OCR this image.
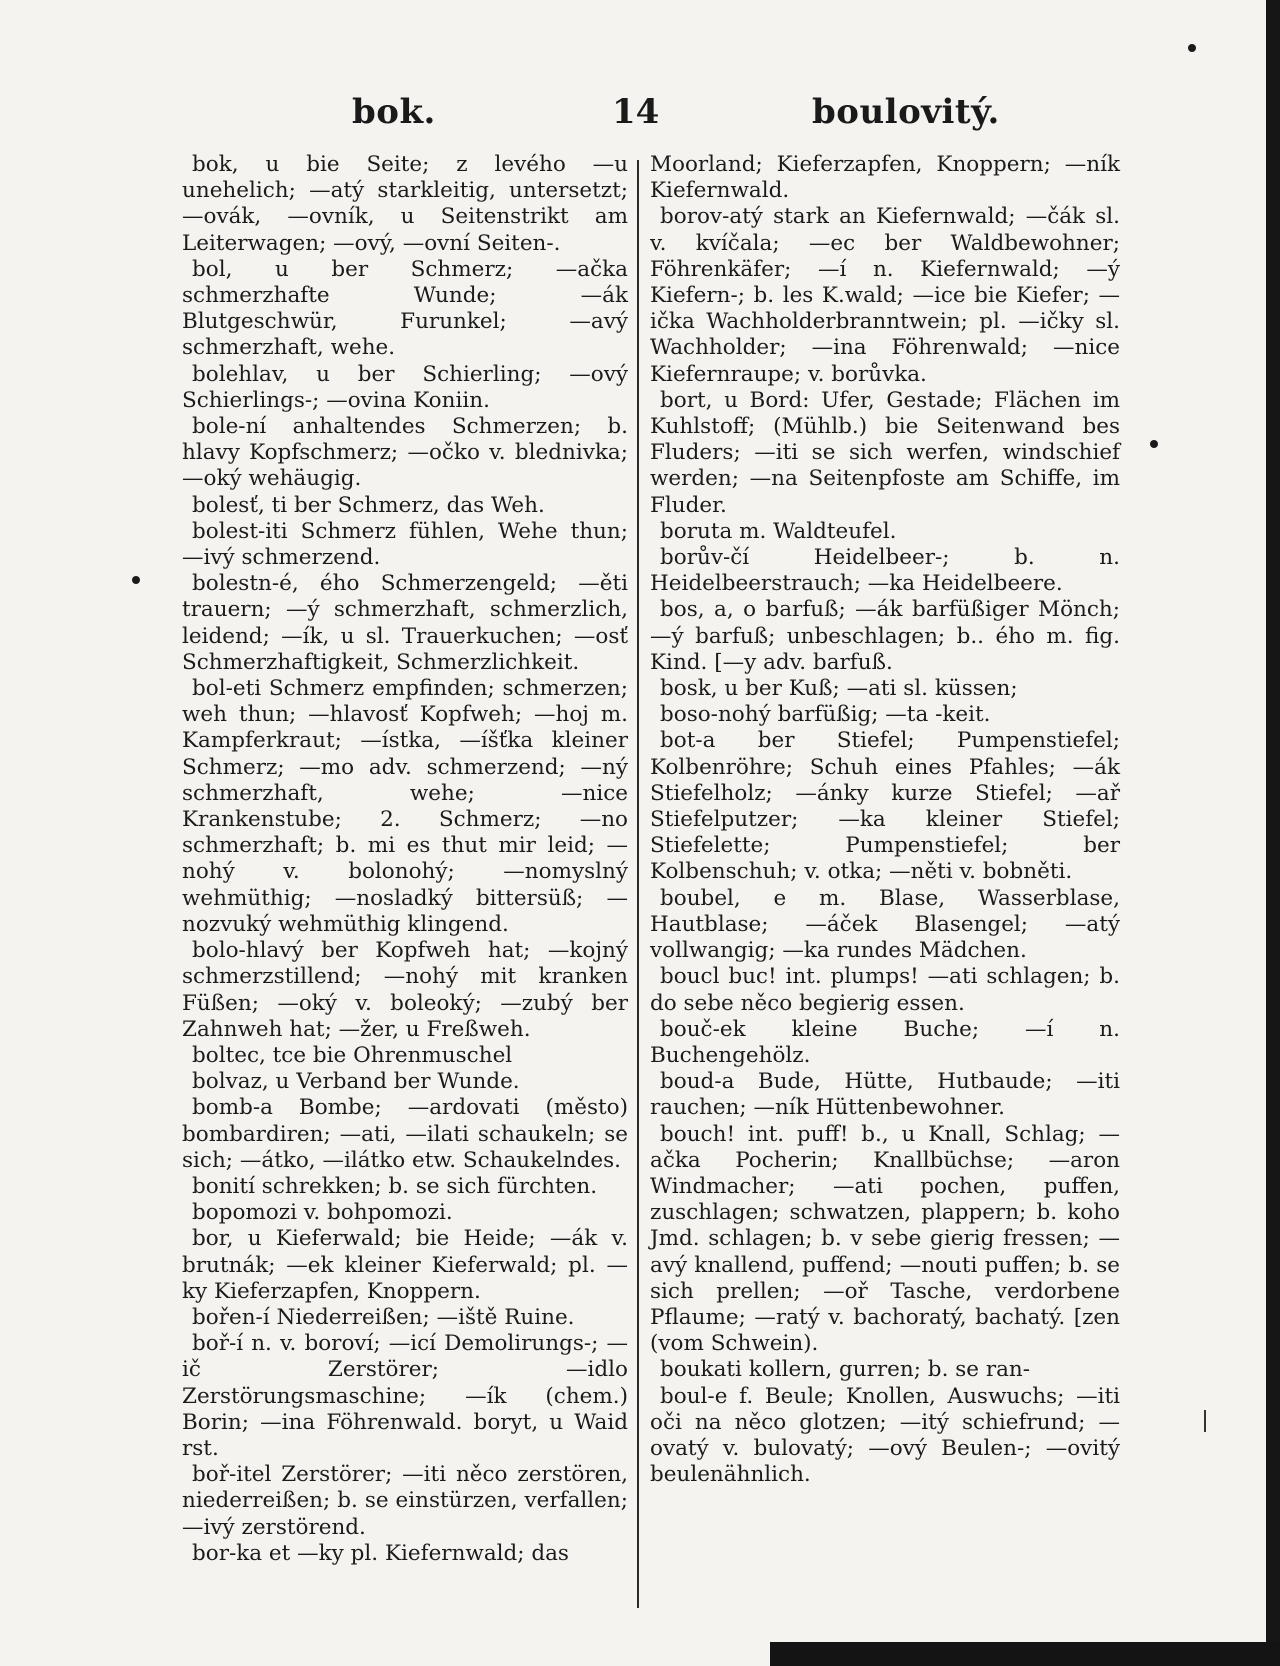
bok.	14	boulovitý.

bok, u bie Seite; z levého —u unehelich; —atý starkleitig, untersetzt; —ovák, —ovník, u Seitenstrikt am Leiterwagen; —ový, —ovní Seiten-.

bol, u ber Schmerz; —ačka schmerzhafte Wunde; —ák Blutgeschwür, Furunkel; —avý schmerzhaft, wehe.

bolehlav, u ber Schierling; —ový Schierlings-; —ovina Koniin.

bole-ní anhaltendes Schmerzen; b. hlavy Kopfschmerz; —očko v. blednivka; —oký wehäugig.

bolesť, ti ber Schmerz, das Weh.

bolest-iti Schmerz fühlen, Wehe thun; —ivý schmerzend.

bolestn-é, ého Schmerzengeld; —ěti trauern; —ý schmerzhaft, schmerzlich, leidend; —ík, u sl. Trauerkuchen; —osť Schmerzhaftigkeit, Schmerzlichkeit.

bol-eti Schmerz empfinden; schmerzen; weh thun; —hlavosť Kopfweh; —hoj m. Kampferkraut; —ístka, —íšťka kleiner Schmerz; —mo adv. schmerzend; —ný schmerzhaft, wehe; —nice Krankenstube; 2. Schmerz; —no schmerzhaft; b. mi es thut mir leid; —nohý v. bolonohý; —nomyslný wehmüthig; —nosladký bittersüß; —nozvuký wehmüthig klingend.

bolo-hlavý ber Kopfweh hat; —kojný schmerzstillend; —nohý mit kranken Füßen; —oký v. boleoký; —zubý ber Zahnweh hat; —žer, u Freßweh.

boltec, tce bie Ohrenmuschel

bolvaz, u Verband ber Wunde.

bomb-a Bombe; —ardovati (město) bombardiren; —ati, —ilati schaukeln; se sich; —átko, —ilátko etw. Schaukelndes.

bonití schrekken; b. se sich fürchten.

bopomozi v. bohpomozi.

bor, u Kieferwald; bie Heide; —ák v. brutnák; —ek kleiner Kieferwald; pl. —ky Kieferzapfen, Knoppern.

bořen-í Niederreißen; —iště Ruine.

boř-í n. v. boroví; —icí Demolirungs-; —ič Zerstörer; —idlo Zerstörungsmaschine; —ík (chem.) Borin; —ina Föhrenwald. boryt, u Waid rst.

boř-itel Zerstörer; —iti něco zerstören, niederreißen; b. se einstürzen, verfallen; —ivý zerstörend.

bor-ka et —ky pl. Kiefernwald; das

Moorland; Kieferzapfen, Knoppern; —ník Kiefernwald.

borov-atý stark an Kiefernwald; —čák sl. v. kvíčala; —ec ber Waldbewohner; Föhrenkäfer; —í n. Kiefernwald; —ý Kiefern-; b. les K.wald; —ice bie Kiefer; —ička Wachholderbranntwein; pl. —ičky sl. Wachholder; —ina Föhrenwald; —nice Kiefernraupe; v. borůvka.

bort, u Bord: Ufer, Gestade; Flächen im Kuhlstoff; (Mühlb.) bie Seitenwand bes Fluders; —iti se sich werfen, windschief werden; —na Seitenpfoste am Schiffe, im Fluder.

boruta m. Waldteufel.

borův-čí Heidelbeer-; b. n. Heidelbeerstrauch; —ka Heidelbeere.

bos, a, o barfuß; —ák barfüßiger Mönch; —ý barfuß; unbeschlagen; b.. ého m. fig. Kind. [—y adv. barfuß.

bosk, u ber Kuß; —ati sl. küssen;

boso-nohý barfüßig; —ta -keit.

bot-a ber Stiefel; Pumpenstiefel; Kolbenröhre; Schuh eines Pfahles; —ák Stiefelholz; —ánky kurze Stiefel; —ař Stiefelputzer; —ka kleiner Stiefel; Stiefelette; Pumpenstiefel; ber Kolbenschuh; v. otka; —něti v. bobněti.

boubel, e m. Blase, Wasserblase, Hautblase; —áček Blasengel; —atý vollwangig; —ka rundes Mädchen.

boucl buc! int. plumps! —ati schlagen; b. do sebe něco begierig essen.

bouč-ek kleine Buche; —í n. Buchengehölz.

boud-a Bude, Hütte, Hutbaude; —iti rauchen; —ník Hüttenbewohner.

bouch! int. puff! b., u Knall, Schlag; —ačka Pocherin; Knallbüchse; —aron Windmacher; —ati pochen, puffen, zuschlagen; schwatzen, plappern; b. koho Jmd. schlagen; b. v sebe gierig fressen; —avý knallend, puffend; —nouti puffen; b. se sich prellen; —oř Tasche, verdorbene Pflaume; —ratý v. bachoratý, bachatý. [zen (vom Schwein).

boukati kollern, gurren; b. se ran-

boul-e f. Beule; Knollen, Auswuchs; —iti oči na něco glotzen; —itý schiefrund; —ovatý v. bulovatý; —ový Beulen-; —ovitý beulenähnlich.
